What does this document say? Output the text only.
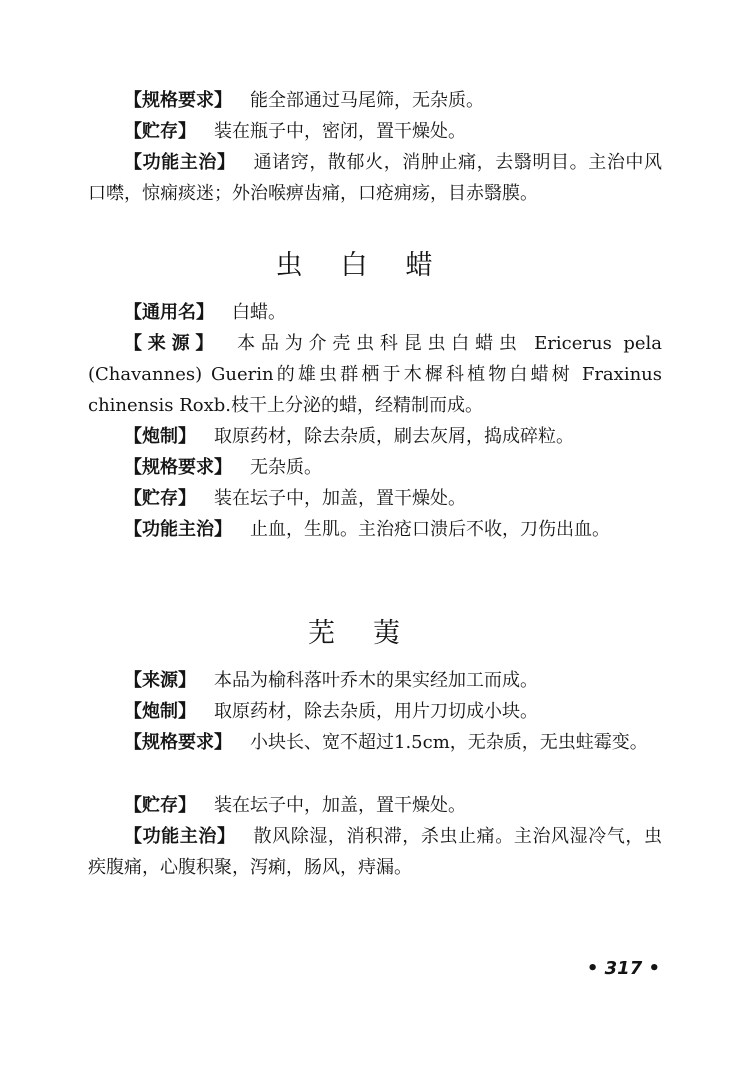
【规格要求】 能全部通过马尾筛，无杂质。

【贮存】 装在瓶子中，密闭，置干燥处。

【功能主治】 通诸窍，散郁火，消肿止痛，去翳明目。主治中风口噤，惊痫痰迷；外治喉痹齿痛，口疮痈疡，目赤翳膜。

虫白蜡

【通用名】 白蜡。

【来源】 本品为介壳虫科昆虫白蜡虫 Ericerus pela (Chavannes) Guerin的雄虫群栖于木樨科植物白蜡树 Fraxinus chinensis Roxb.枝干上分泌的蜡，经精制而成。

【炮制】 取原药材，除去杂质，刷去灰屑，捣成碎粒。

【规格要求】 无杂质。

【贮存】 装在坛子中，加盖，置干燥处。

【功能主治】 止血，生肌。主治疮口溃后不收，刀伤出血。

芜荑

【来源】 本品为榆科落叶乔木的果实经加工而成。

【炮制】 取原药材，除去杂质，用片刀切成小块。

【规格要求】 小块长、宽不超过1.5cm，无杂质，无虫蛀霉变。

【贮存】 装在坛子中，加盖，置干燥处。

【功能主治】 散风除湿，消积滞，杀虫止痛。主治风湿冷气，虫疾腹痛，心腹积聚，泻痢，肠风，痔漏。

• 317 •
